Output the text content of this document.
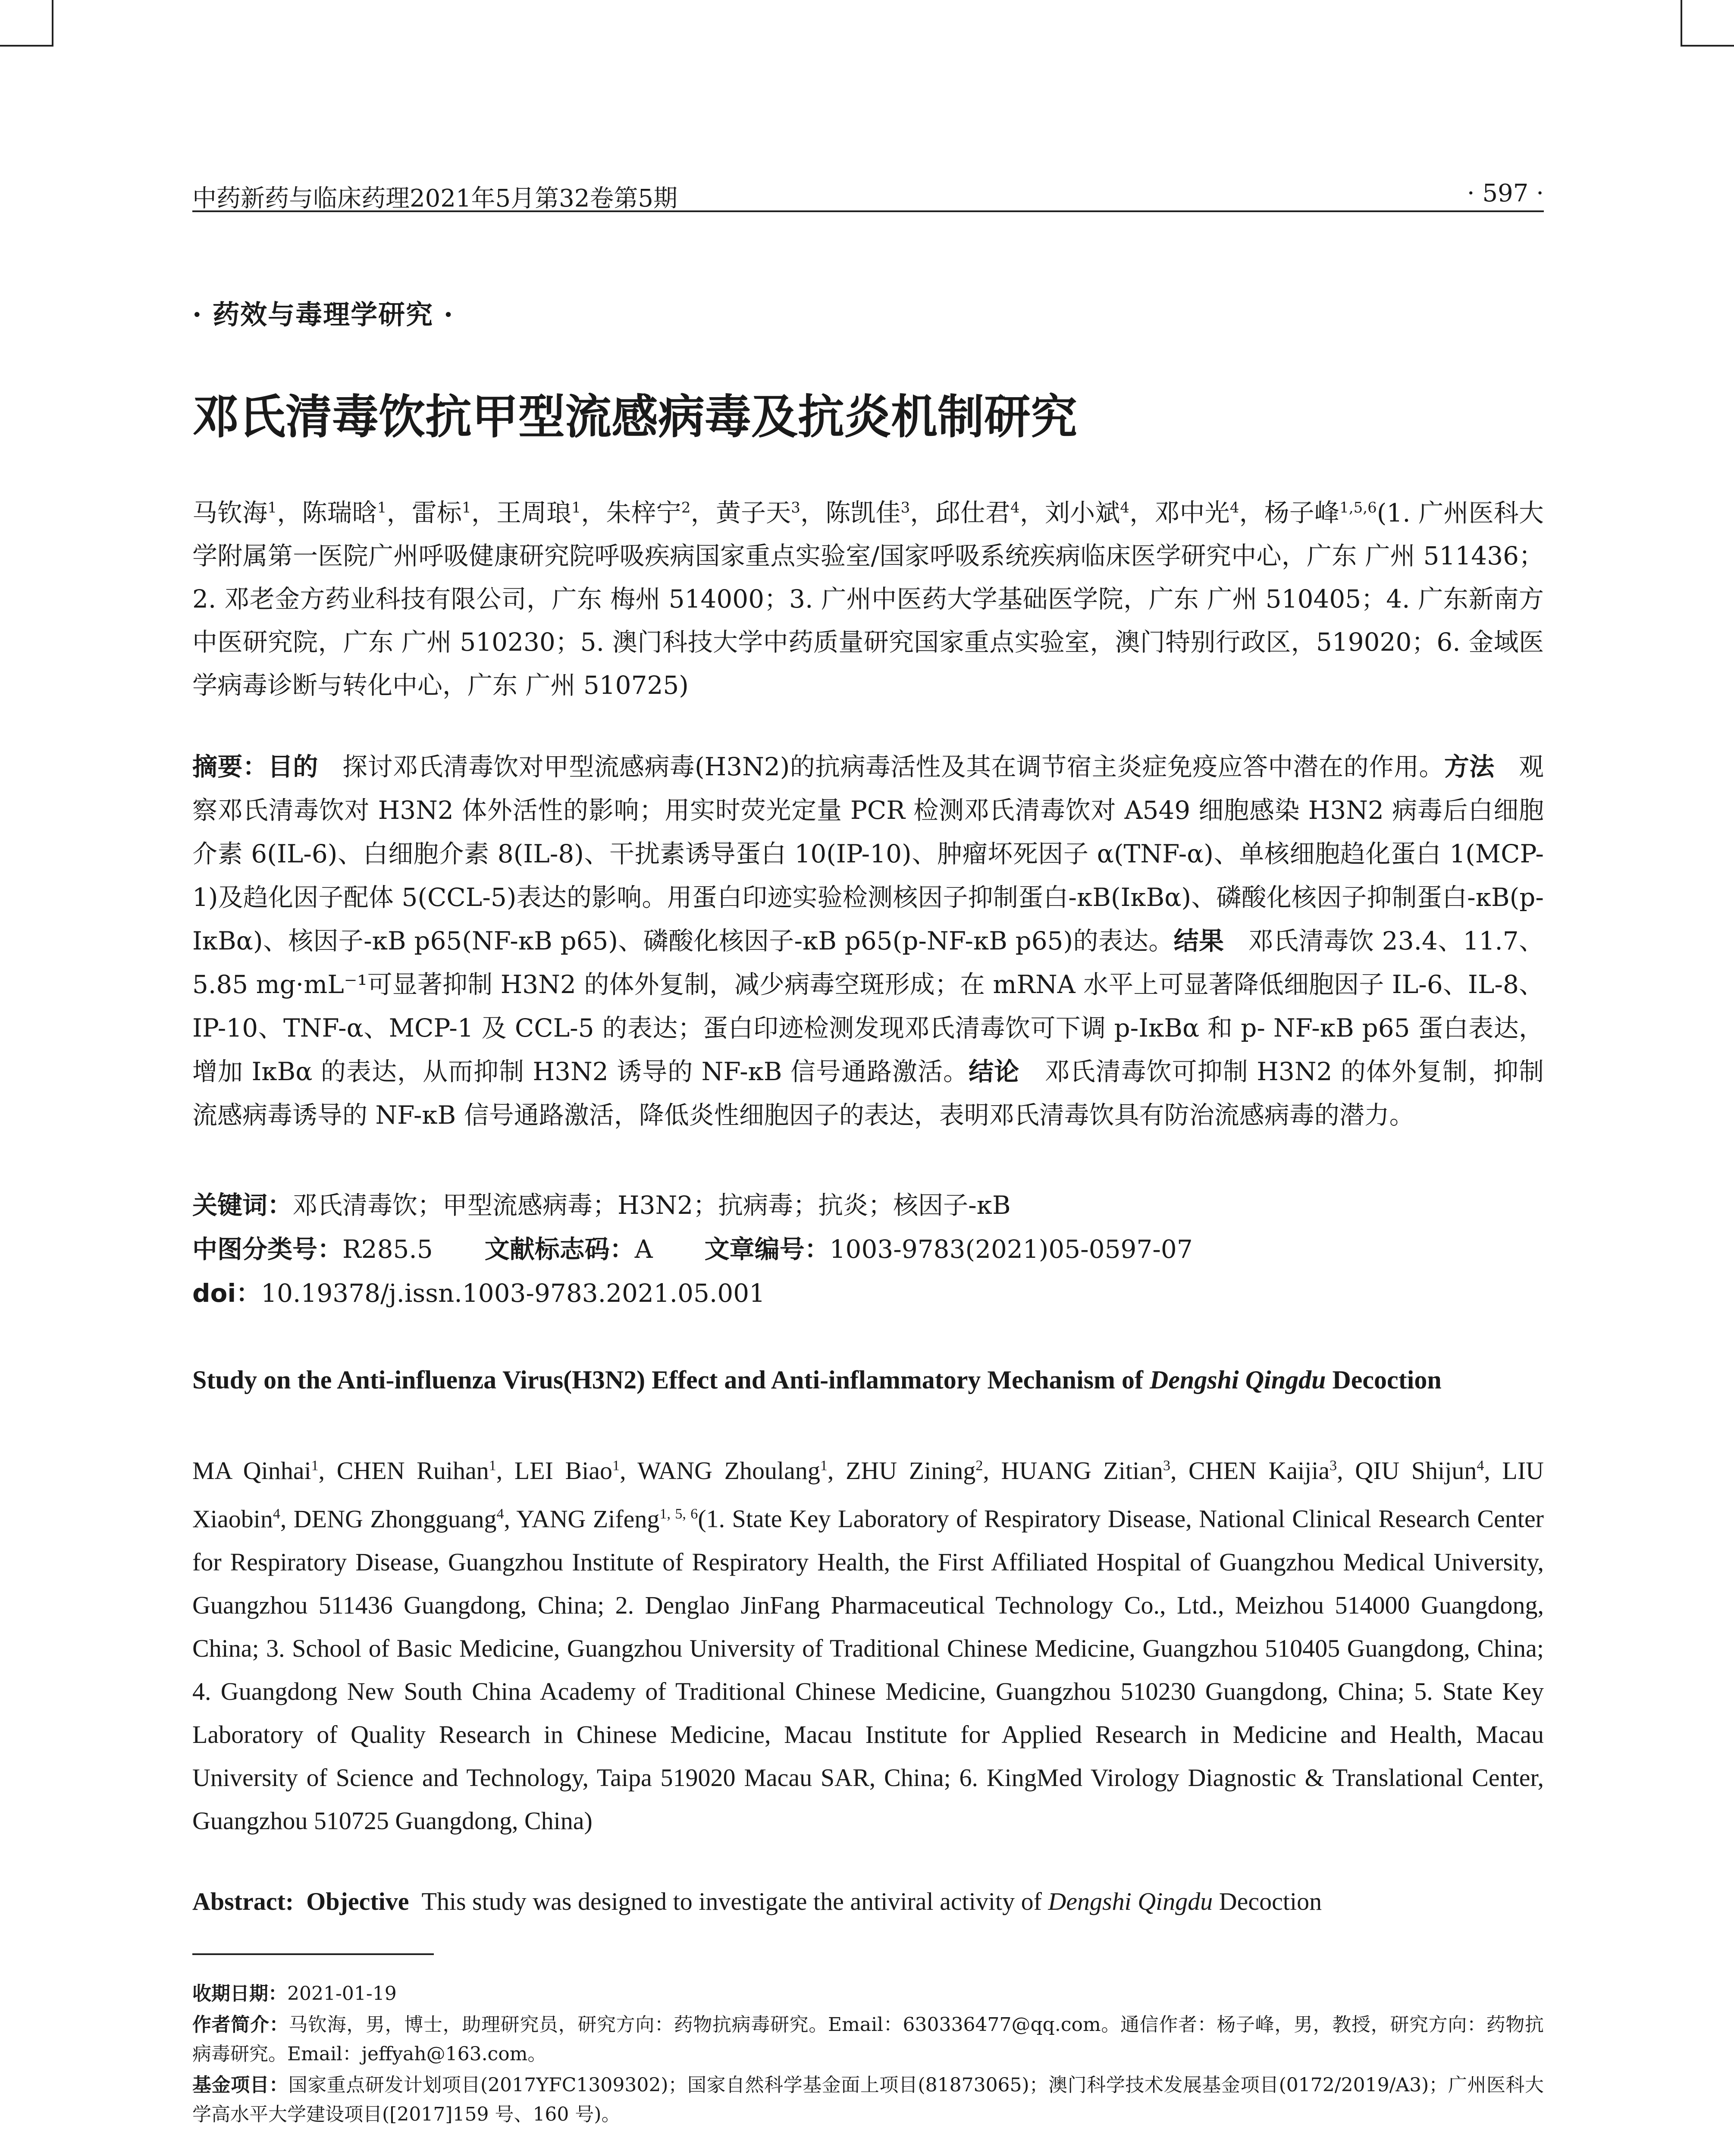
中药新药与临床药理2021年5月第32卷第5期	· 597 ·
· 药效与毒理学研究 ·
邓氏清毒饮抗甲型流感病毒及抗炎机制研究
马钦海$^1$，陈瑞晗$^1$，雷标$^1$，王周琅$^1$，朱梓宁$^2$，黄子天$^3$，陈凯佳$^3$，邱仕君$^4$，刘小斌$^4$，邓中光$^4$，杨子峰$^{1,5,6}$(1. 广州医科大学附属第一医院广州呼吸健康研究院呼吸疾病国家重点实验室/国家呼吸系统疾病临床医学研究中心，广东 广州 511436；2. 邓老金方药业科技有限公司，广东 梅州 514000；3. 广州中医药大学基础医学院，广东 广州 510405；4. 广东新南方中医研究院，广东 广州 510230；5. 澳门科技大学中药质量研究国家重点实验室，澳门特别行政区，519020；6. 金域医学病毒诊断与转化中心，广东 广州 510725)
摘要：目的 探讨邓氏清毒饮对甲型流感病毒(H3N2)的抗病毒活性及其在调节宿主炎症免疫应答中潜在的作用。方法 观察邓氏清毒饮对 H3N2 体外活性的影响；用实时荧光定量 PCR 检测邓氏清毒饮对 A549 细胞感染 H3N2 病毒后白细胞介素 6(IL-6)、白细胞介素 8(IL-8)、干扰素诱导蛋白 10(IP-10)、肿瘤坏死因子 α(TNF-α)、单核细胞趋化蛋白 1(MCP-1)及趋化因子配体 5(CCL-5)表达的影响。用蛋白印迹实验检测核因子抑制蛋白-κB(IκBα)、磷酸化核因子抑制蛋白-κB(p-IκBα)、核因子-κB p65(NF-κB p65)、磷酸化核因子-κB p65(p-NF-κB p65)的表达。结果 邓氏清毒饮 23.4、11.7、5.85 mg·mL⁻¹可显著抑制 H3N2 的体外复制，减少病毒空斑形成；在 mRNA 水平上可显著降低细胞因子 IL-6、IL-8、IP-10、TNF-α、MCP-1 及 CCL-5 的表达；蛋白印迹检测发现邓氏清毒饮可下调 p-IκBα 和 p- NF-κB p65 蛋白表达，增加 IκBα 的表达，从而抑制 H3N2 诱导的 NF-κB 信号通路激活。结论 邓氏清毒饮可抑制 H3N2 的体外复制，抑制流感病毒诱导的 NF-κB 信号通路激活，降低炎性细胞因子的表达，表明邓氏清毒饮具有防治流感病毒的潜力。
关键词：邓氏清毒饮；甲型流感病毒；H3N2；抗病毒；抗炎；核因子-κB
中图分类号：R285.5 文献标志码：A 文章编号：1003-9783(2021)05-0597-07
doi：10.19378/j.issn.1003-9783.2021.05.001
Study on the Anti-influenza Virus(H3N2) Effect and Anti-inflammatory Mechanism of Dengshi Qingdu Decoction
MA Qinhai$^1$, CHEN Ruihan$^1$, LEI Biao$^1$, WANG Zhoulang$^1$, ZHU Zining$^2$, HUANG Zitian$^3$, CHEN Kaijia$^3$, QIU Shijun$^4$, LIU Xiaobin$^4$, DENG Zhongguang$^4$, YANG Zifeng$^{1, 5, 6}$(1. State Key Laboratory of Respiratory Disease, National Clinical Research Center for Respiratory Disease, Guangzhou Institute of Respiratory Health, the First Affiliated Hospital of Guangzhou Medical University, Guangzhou 511436 Guangdong, China; 2. Denglao JinFang Pharmaceutical Technology Co., Ltd., Meizhou 514000 Guangdong, China; 3. School of Basic Medicine, Guangzhou University of Traditional Chinese Medicine, Guangzhou 510405 Guangdong, China; 4. Guangdong New South China Academy of Traditional Chinese Medicine, Guangzhou 510230 Guangdong, China; 5. State Key Laboratory of Quality Research in Chinese Medicine, Macau Institute for Applied Research in Medicine and Health, Macau University of Science and Technology, Taipa 519020 Macau SAR, China; 6. KingMed Virology Diagnostic & Translational Center, Guangzhou 510725 Guangdong, China)
Abstract: Objective This study was designed to investigate the antiviral activity of Dengshi Qingdu Decoction

收期日期：2021-01-19

作者简介：马钦海，男，博士，助理研究员，研究方向：药物抗病毒研究。Email：630336477@qq.com。通信作者：杨子峰，男，教授，研究方向：药物抗病毒研究。Email：jeffyah@163.com。

基金项目：国家重点研发计划项目(2017YFC1309302)；国家自然科学基金面上项目(81873065)；澳门科学技术发展基金项目(0172/2019/A3)；广州医科大学高水平大学建设项目([2017]159 号、160 号)。
